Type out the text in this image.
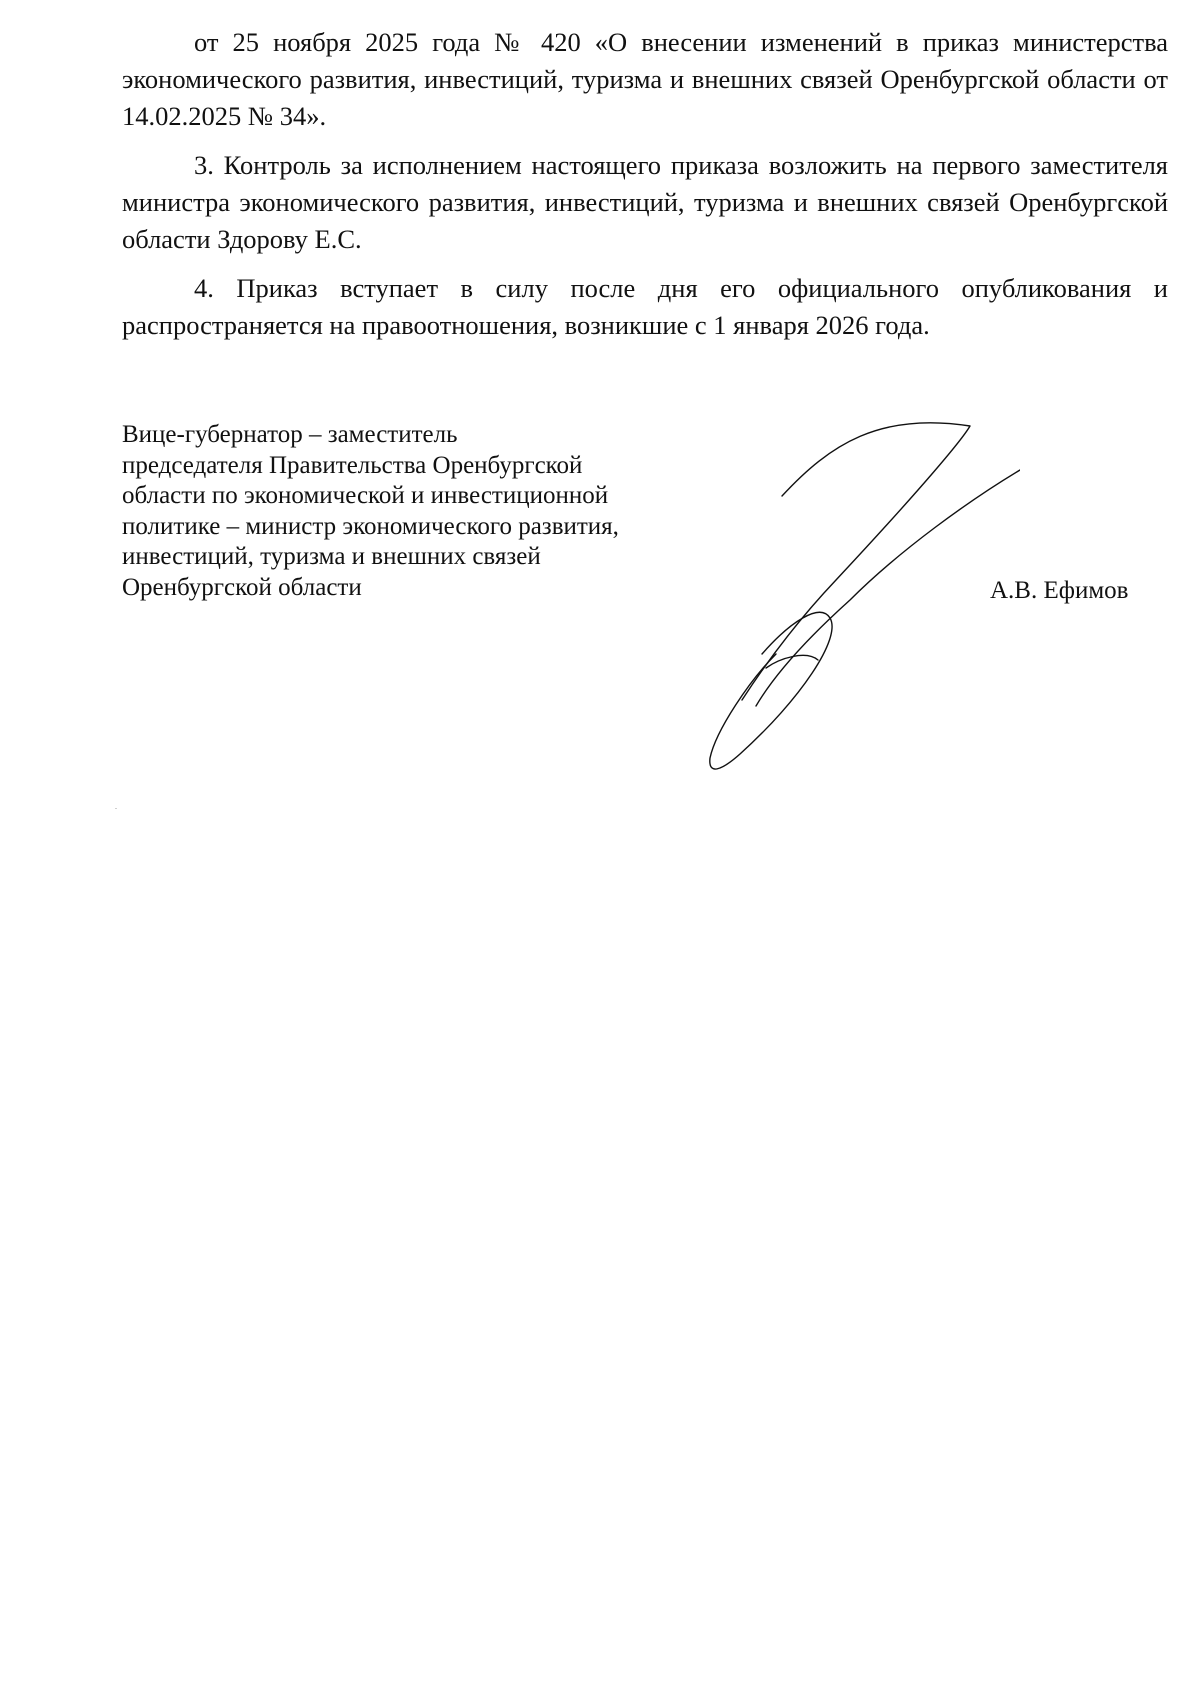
от 25 ноября 2025 года № 420 «О внесении изменений в приказ министерства экономического развития, инвестиций, туризма и внешних связей Оренбургской области от 14.02.2025 № 34».

3. Контроль за исполнением настоящего приказа возложить на первого заместителя министра экономического развития, инвестиций, туризма и внешних связей Оренбургской области Здорову Е.С.

4. Приказ вступает в силу после дня его официального опубликования и распространяется на правоотношения, возникшие с 1 января 2026 года.

Вице-губернатор – заместитель
председателя Правительства Оренбургской
области по экономической и инвестиционной
политике – министр экономического развития,
инвестиций, туризма и внешних связей
Оренбургской области	А.В. Ефимов
